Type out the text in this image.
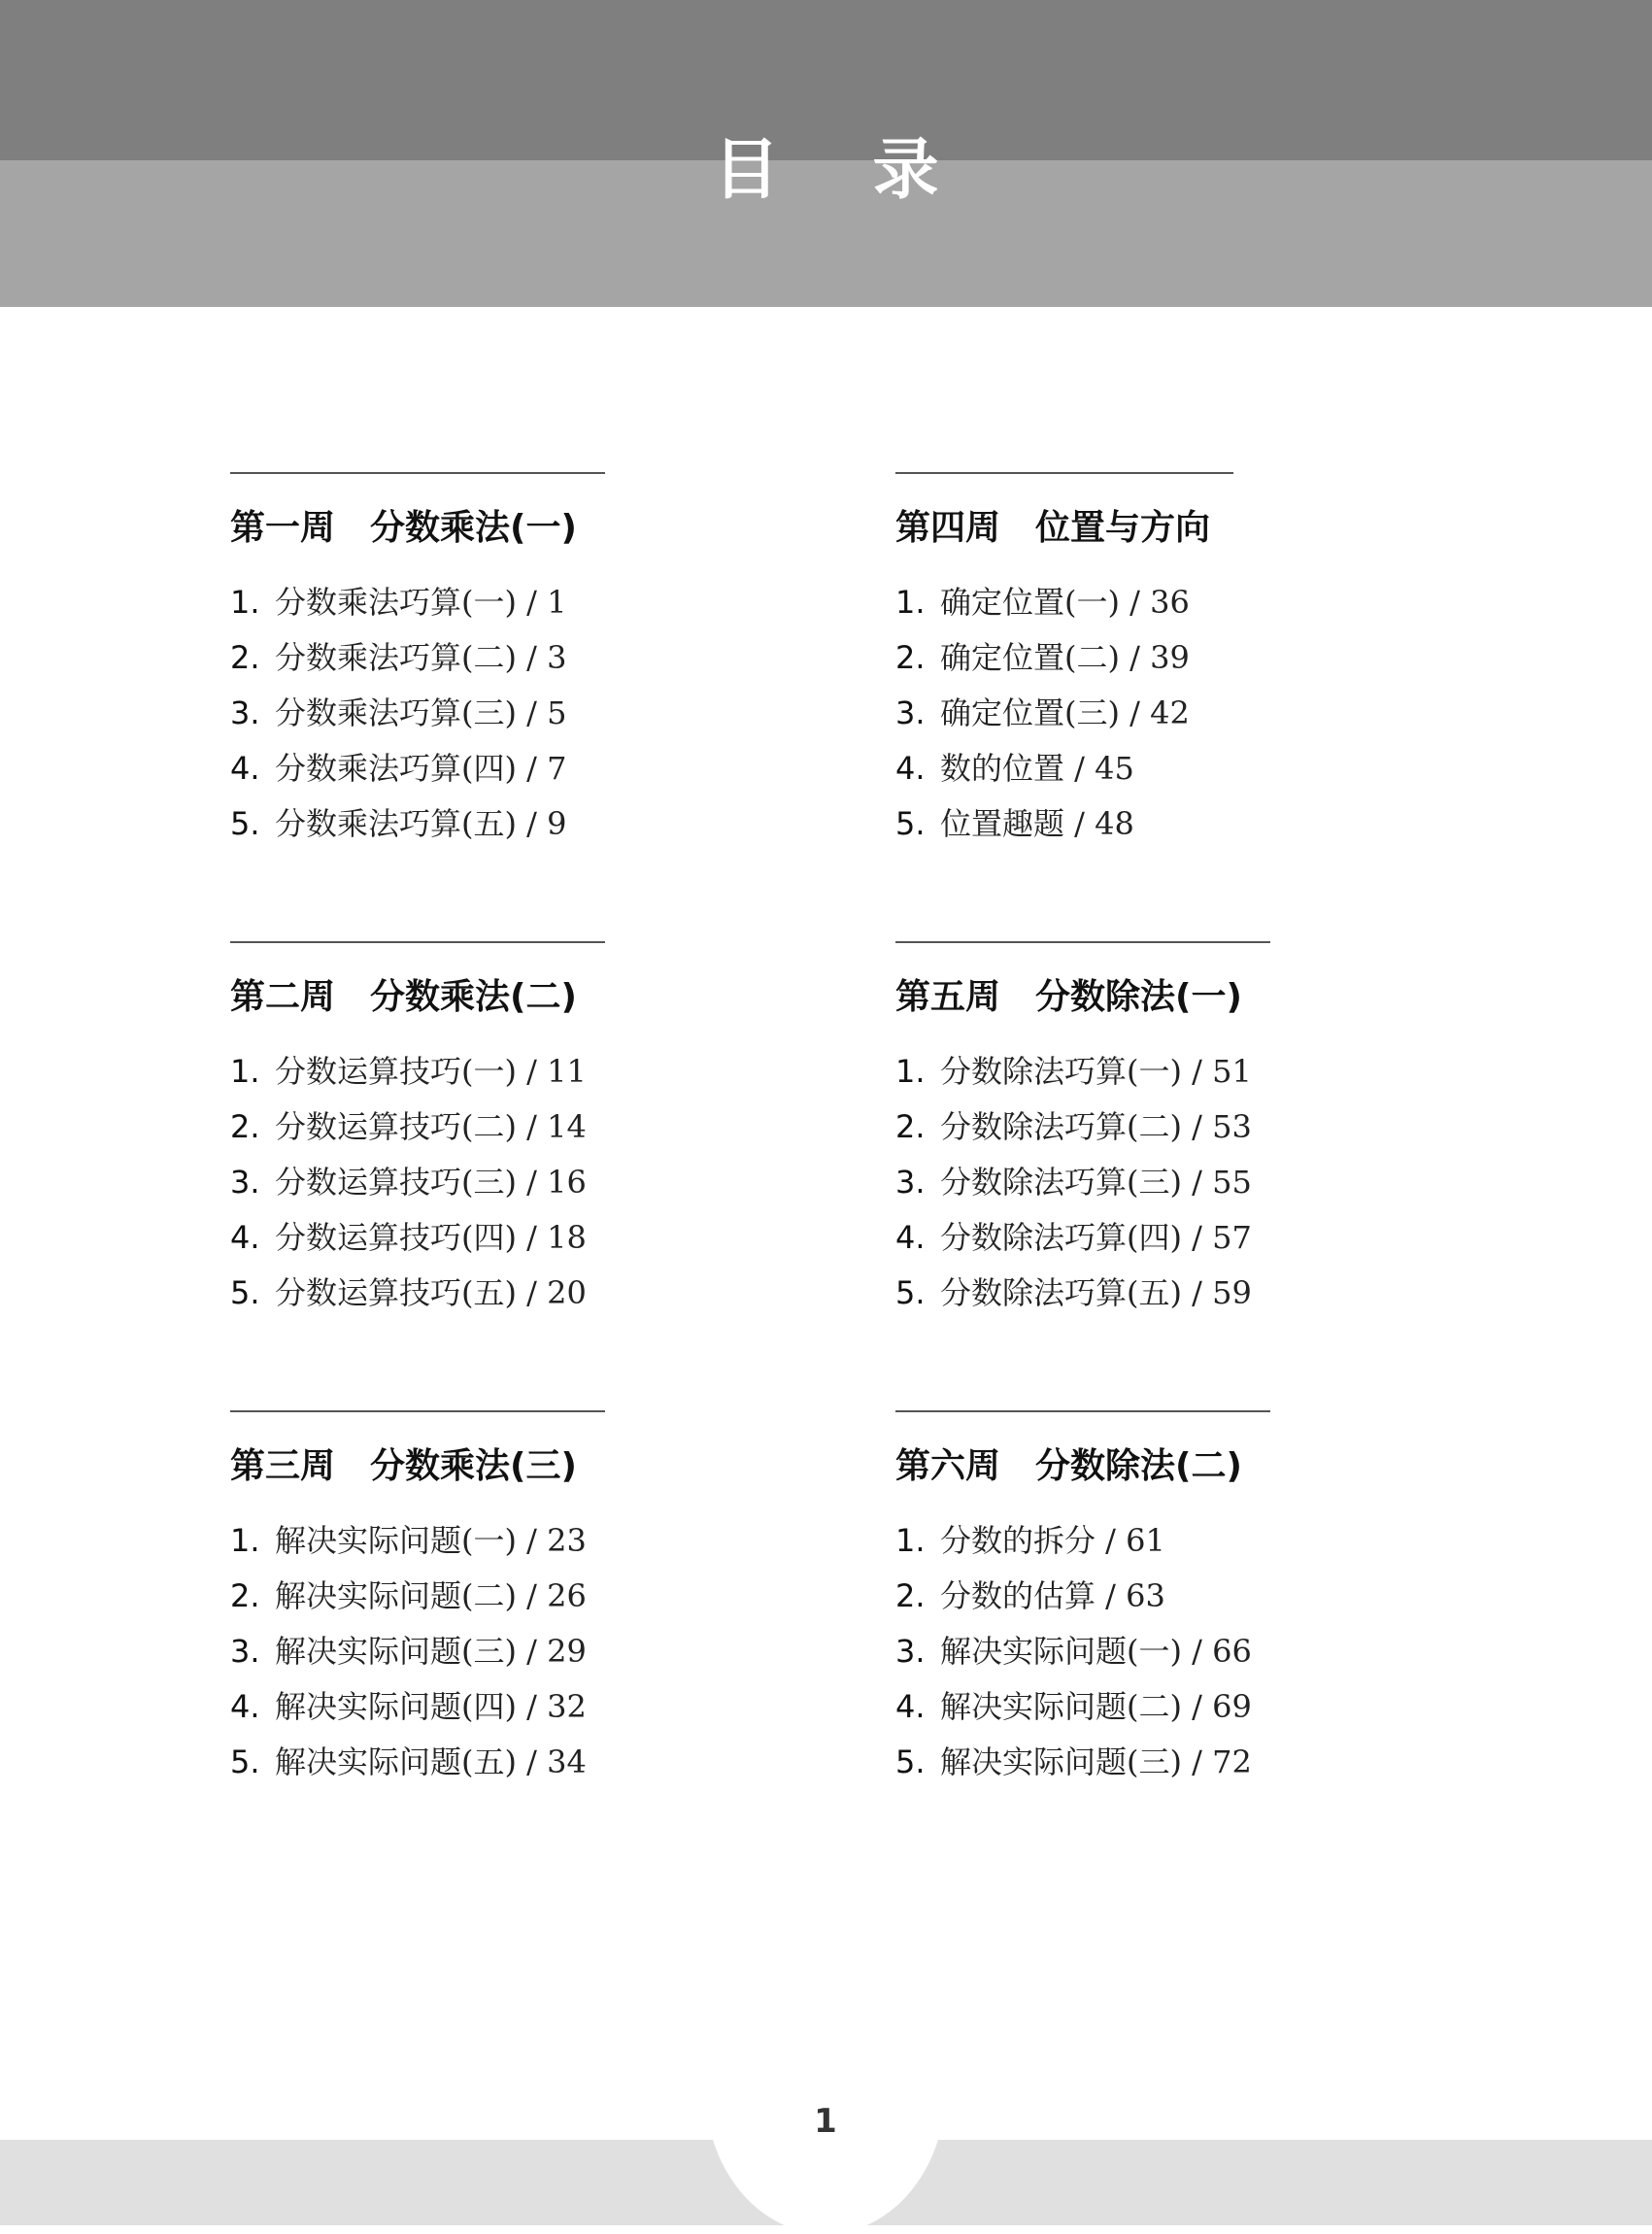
目录
第一周　分数乘法(一)
1. 分数乘法巧算(一) / 1
2. 分数乘法巧算(二) / 3
3. 分数乘法巧算(三) / 5
4. 分数乘法巧算(四) / 7
5. 分数乘法巧算(五) / 9
第四周　位置与方向
1. 确定位置(一) / 36
2. 确定位置(二) / 39
3. 确定位置(三) / 42
4. 数的位置 / 45
5. 位置趣题 / 48
第二周　分数乘法(二)
1. 分数运算技巧(一) / 11
2. 分数运算技巧(二) / 14
3. 分数运算技巧(三) / 16
4. 分数运算技巧(四) / 18
5. 分数运算技巧(五) / 20
第五周　分数除法(一)
1. 分数除法巧算(一) / 51
2. 分数除法巧算(二) / 53
3. 分数除法巧算(三) / 55
4. 分数除法巧算(四) / 57
5. 分数除法巧算(五) / 59
第三周　分数乘法(三)
1. 解决实际问题(一) / 23
2. 解决实际问题(二) / 26
3. 解决实际问题(三) / 29
4. 解决实际问题(四) / 32
5. 解决实际问题(五) / 34
第六周　分数除法(二)
1. 分数的拆分 / 61
2. 分数的估算 / 63
3. 解决实际问题(一) / 66
4. 解决实际问题(二) / 69
5. 解决实际问题(三) / 72
1
